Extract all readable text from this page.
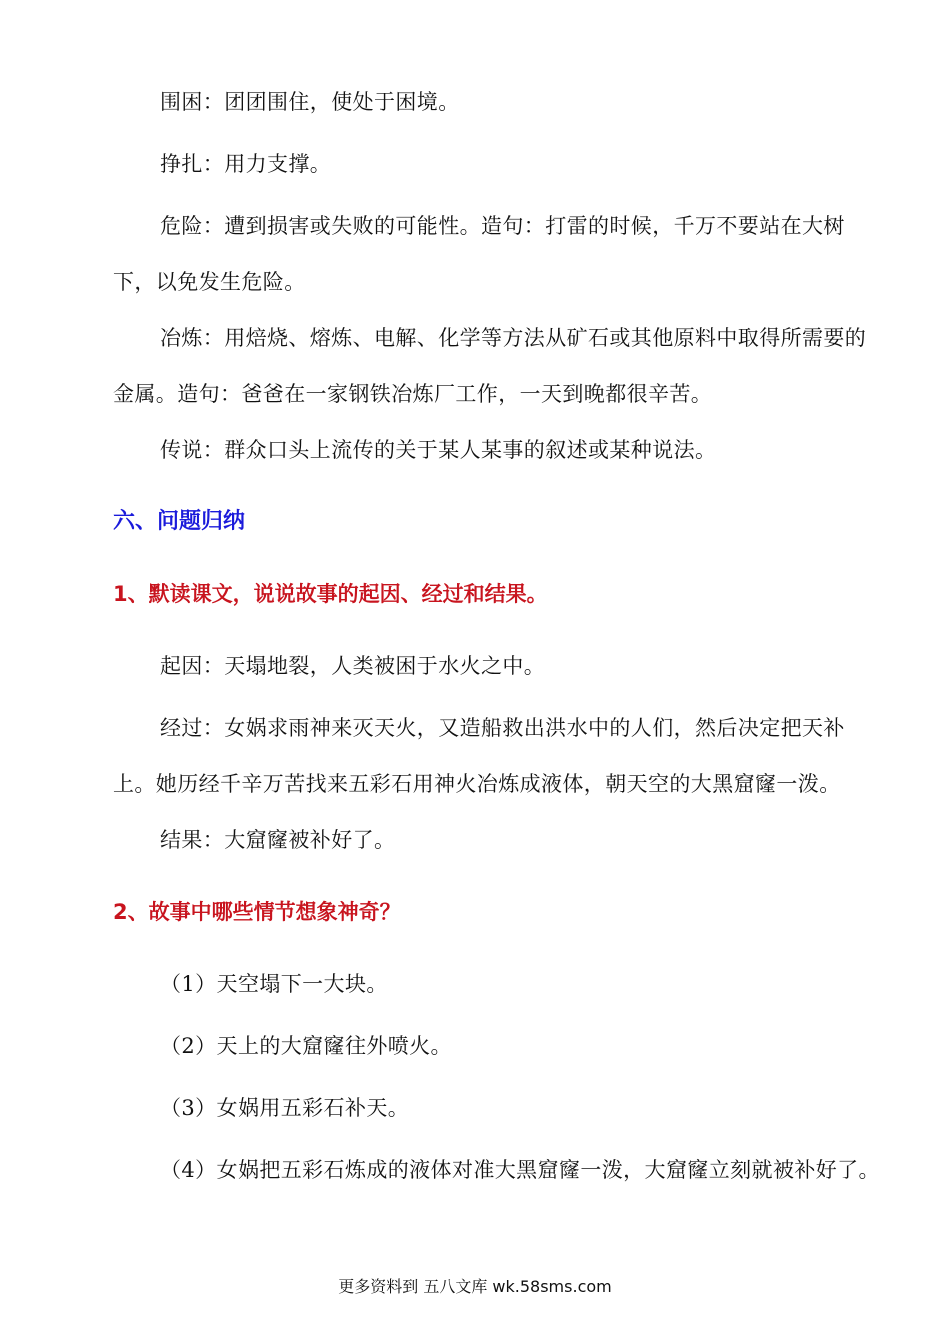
围困：团团围住，使处于困境。

挣扎：用力支撑。

危险：遭到损害或失败的可能性。造句：打雷的时候，千万不要站在大树下，以免发生危险。

冶炼：用焙烧、熔炼、电解、化学等方法从矿石或其他原料中取得所需要的金属。造句：爸爸在一家钢铁冶炼厂工作，一天到晚都很辛苦。

传说：群众口头上流传的关于某人某事的叙述或某种说法。

六、问题归纳
1、默读课文，说说故事的起因、经过和结果。

起因：天塌地裂，人类被困于水火之中。

经过：女娲求雨神来灭天火，又造船救出洪水中的人们，然后决定把天补上。她历经千辛万苦找来五彩石用神火冶炼成液体，朝天空的大黑窟窿一泼。

结果：大窟窿被补好了。

2、故事中哪些情节想象神奇？

（1）天空塌下一大块。

（2）天上的大窟窿往外喷火。

（3）女娲用五彩石补天。

（4）女娲把五彩石炼成的液体对准大黑窟窿一泼，大窟窿立刻就被补好了。

更多资料到 五八文库 wk.58sms.com
